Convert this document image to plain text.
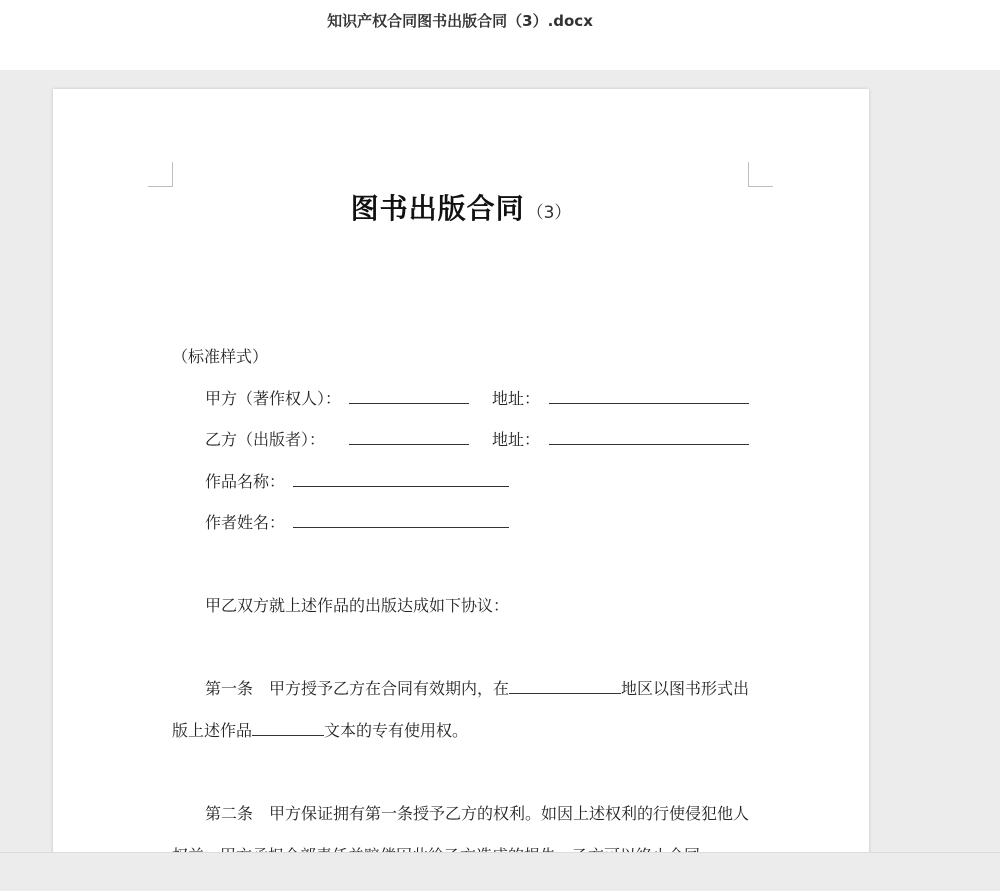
知识产权合同图书出版合同（3）.docx
图书出版合同 （3）
（标准样式）
甲方（著作权人）：	地址：
乙方（出版者）：	地址：
作品名称：
作者姓名：
甲乙双方就上述作品的出版达成如下协议：
第一条　甲方授予乙方在合同有效期内，在	地区以图书形式出
版上述作品	文本的专有使用权。
第二条　甲方保证拥有第一条授予乙方的权利。如因上述权利的行使侵犯他人
